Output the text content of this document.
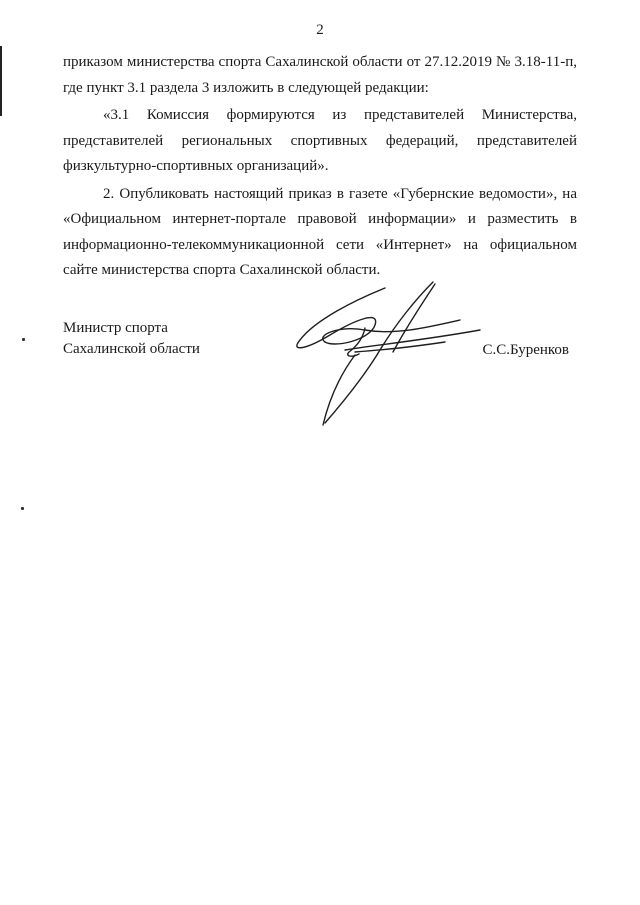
2

приказом министерства спорта Сахалинской области от 27.12.2019 № 3.18-11-п, где пункт 3.1 раздела 3 изложить в следующей редакции:

«3.1 Комиссия формируются из представителей Министерства, представителей региональных спортивных федераций, представителей физкультурно-спортивных организаций».

2. Опубликовать настоящий приказ в газете «Губернские ведомости», на «Официальном интернет-портале правовой информации» и разместить в информационно-телекоммуникационной сети «Интернет» на официальном сайте министерства спорта Сахалинской области.

Министр спорта
Сахалинской области	С.С.Буренков
